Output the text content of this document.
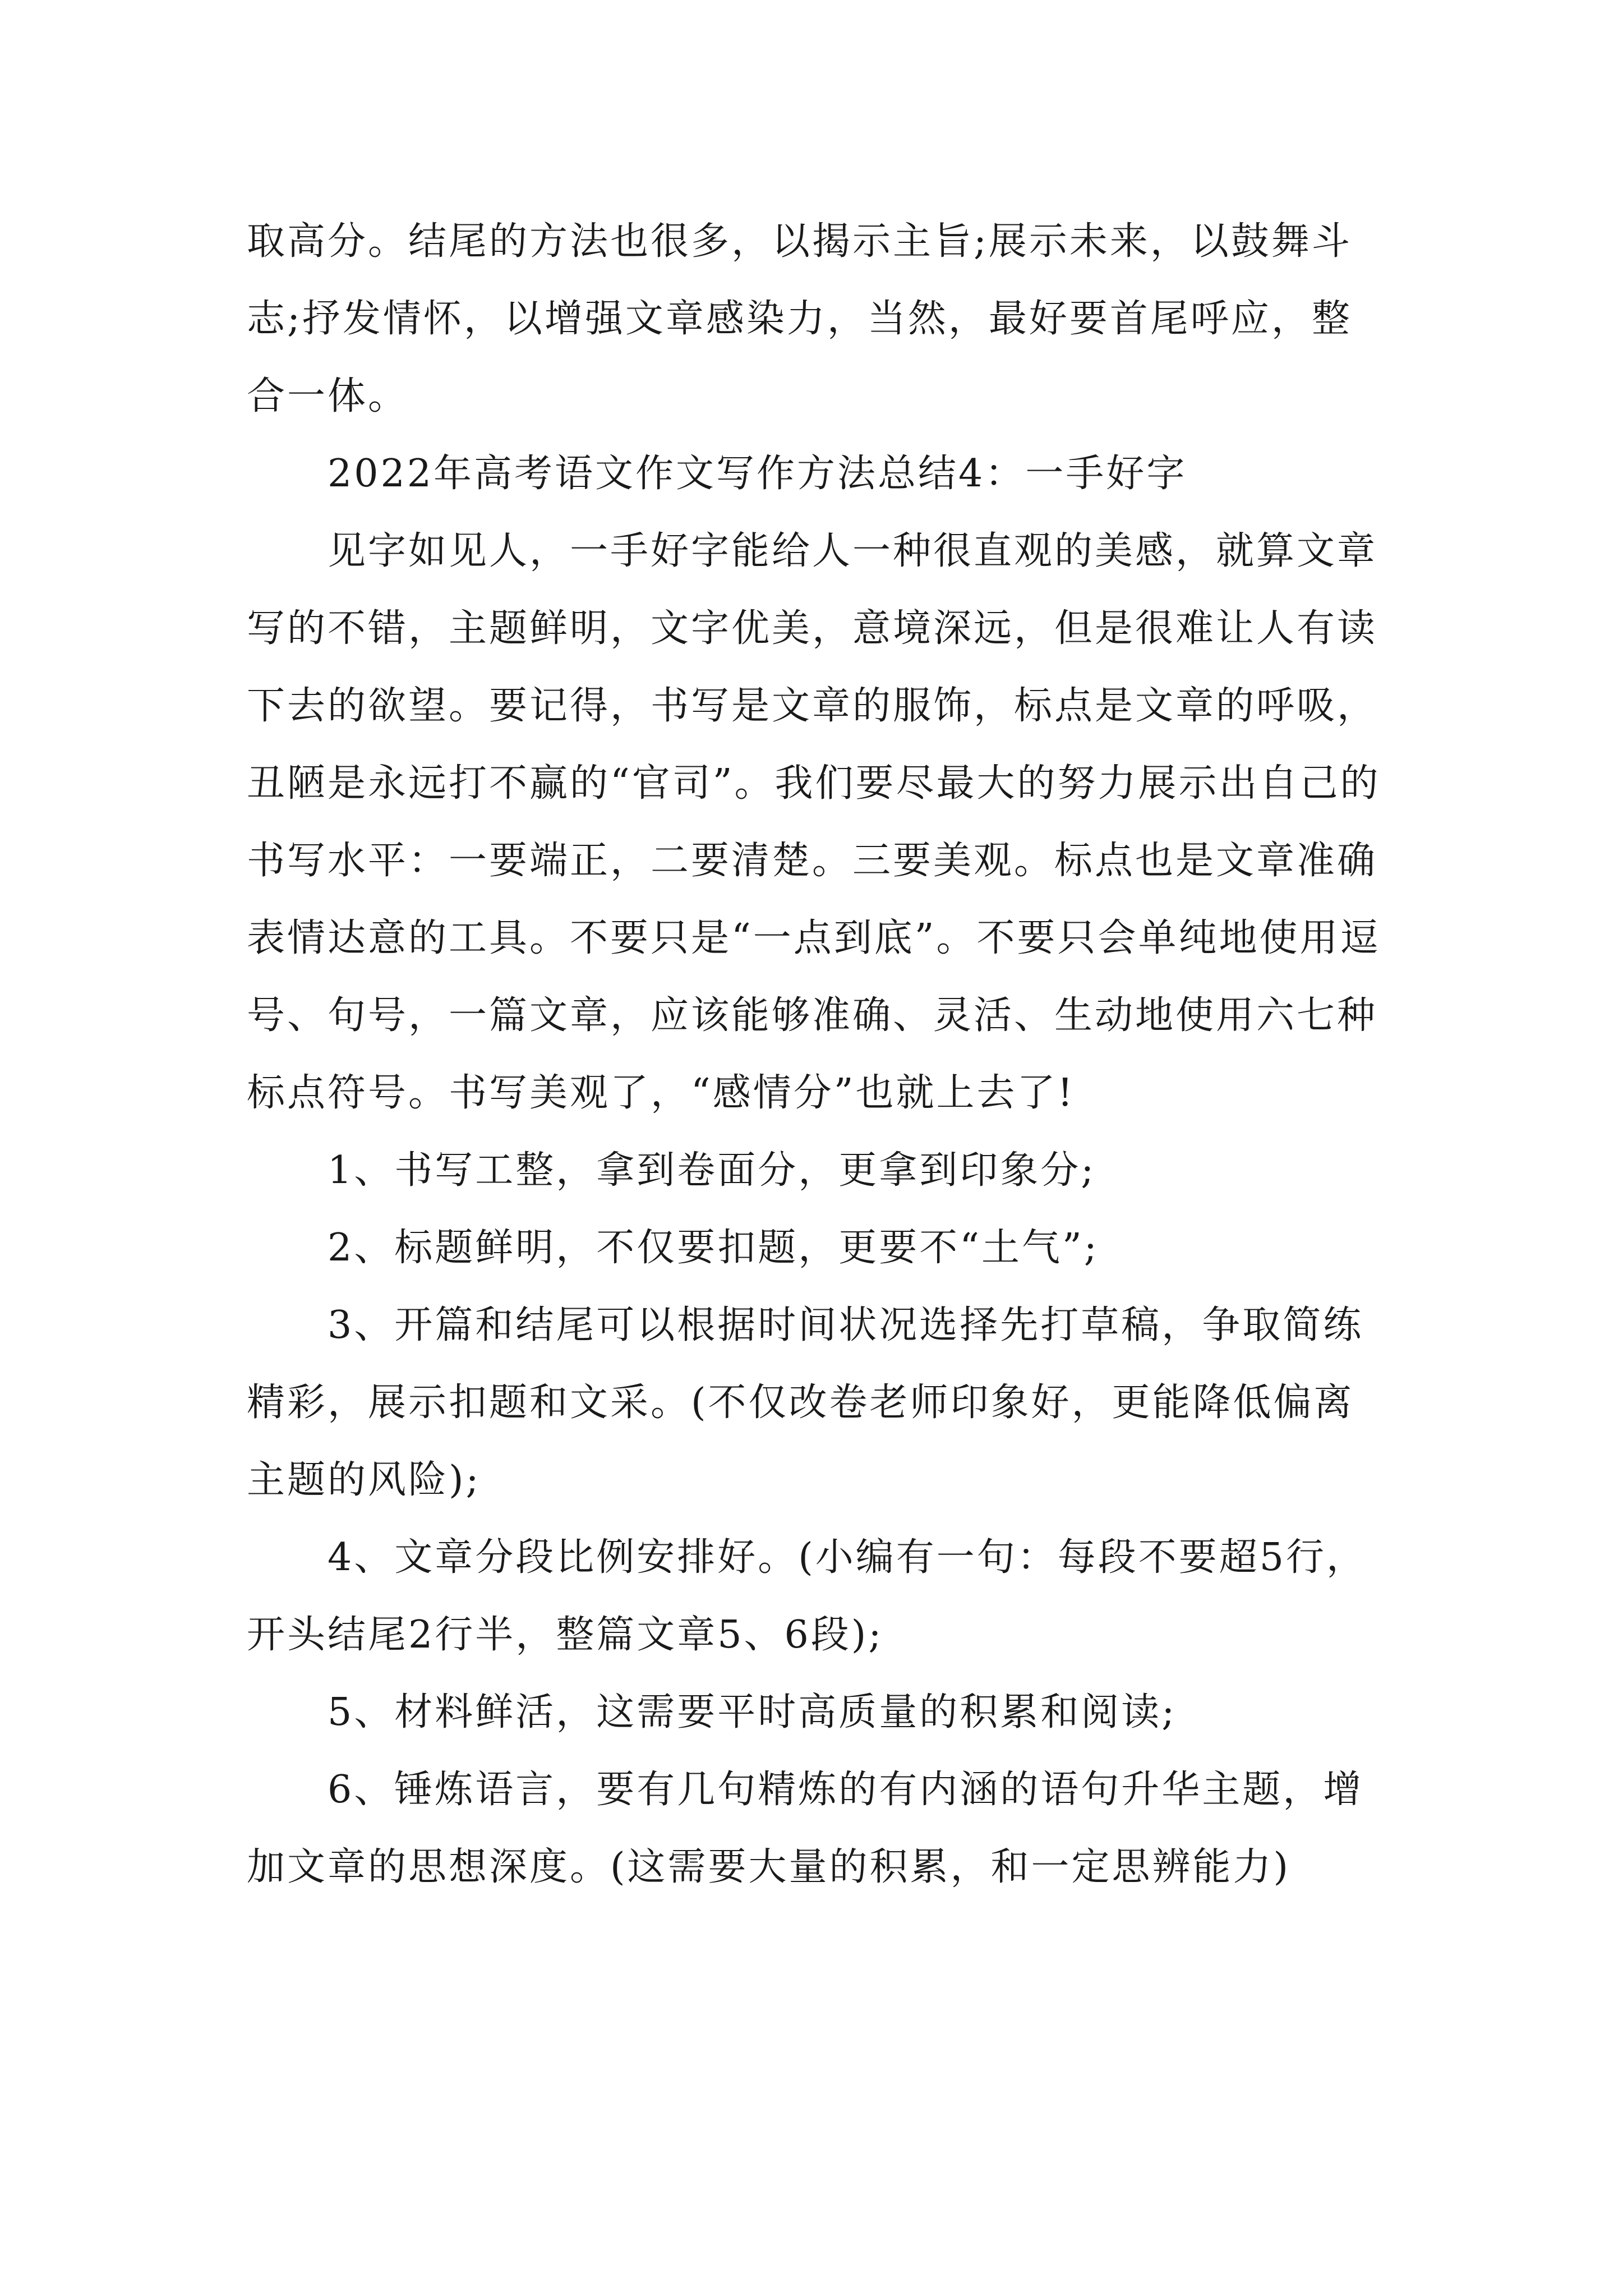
取高分。结尾的方法也很多，以揭示主旨;展示未来，以鼓舞斗志;抒发情怀，以增强文章感染力，当然，最好要首尾呼应，整合一体。

2022年高考语文作文写作方法总结4：一手好字

见字如见人，一手好字能给人一种很直观的美感，就算文章写的不错，主题鲜明，文字优美，意境深远，但是很难让人有读下去的欲望。要记得，书写是文章的服饰，标点是文章的呼吸，丑陋是永远打不赢的“官司”。我们要尽最大的努力展示出自己的书写水平：一要端正，二要清楚。三要美观。标点也是文章准确表情达意的工具。不要只是“一点到底”。不要只会单纯地使用逗号、句号，一篇文章，应该能够准确、灵活、生动地使用六七种标点符号。书写美观了，“感情分”也就上去了!

1、书写工整，拿到卷面分，更拿到印象分;

2、标题鲜明，不仅要扣题，更要不“土气”;

3、开篇和结尾可以根据时间状况选择先打草稿，争取简练精彩，展示扣题和文采。(不仅改卷老师印象好，更能降低偏离主题的风险);

4、文章分段比例安排好。(小编有一句：每段不要超5行，开头结尾2行半，整篇文章5、6段);

5、材料鲜活，这需要平时高质量的积累和阅读;

6、锤炼语言，要有几句精炼的有内涵的语句升华主题，增加文章的思想深度。(这需要大量的积累，和一定思辨能力)
